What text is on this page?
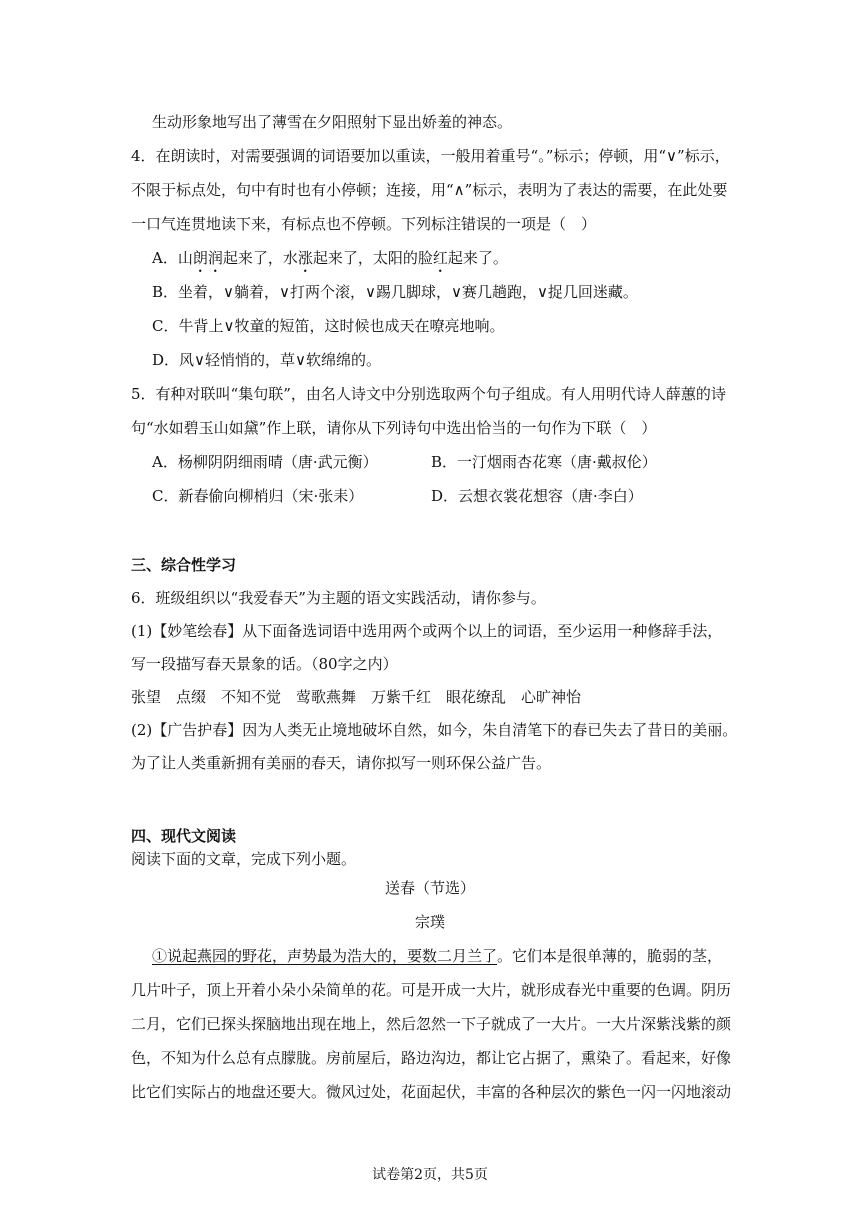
生动形象地写出了薄雪在夕阳照射下显出娇羞的神态。
4．在朗读时，对需要强调的词语要加以重读，一般用着重号“。”标示；停顿，用“∨”标示，
不限于标点处，句中有时也有小停顿；连接，用“∧”标示，表明为了表达的需要，在此处要
一口气连贯地读下来，有标点也不停顿。下列标注错误的一项是（　）
A．山朗润起来了，水涨起来了，太阳的脸红起来了。
B．坐着，∨躺着，∨打两个滚，∨踢几脚球，∨赛几趟跑，∨捉几回迷藏。
C．牛背上∨牧童的短笛，这时候也成天在嘹亮地响。
D．风∨轻悄悄的，草∨软绵绵的。
5．有种对联叫“集句联”，由名人诗文中分别选取两个句子组成。有人用明代诗人薛蕙的诗
句“水如碧玉山如黛”作上联，请你从下列诗句中选出恰当的一句作为下联（　）
A．杨柳阴阴细雨晴（唐·武元衡）	B．一汀烟雨杏花寒（唐·戴叔伦）
C．新春偷向柳梢归（宋·张耒）	D．云想衣裳花想容（唐·李白）
三、综合性学习
6．班级组织以“我爱春天”为主题的语文实践活动，请你参与。
(1)【妙笔绘春】从下面备选词语中选用两个或两个以上的词语，至少运用一种修辞手法，
写一段描写春天景象的话。（80字之内）
张望　点缀　不知不觉　莺歌燕舞　万紫千红　眼花缭乱　心旷神怡
(2)【广告护春】因为人类无止境地破坏自然，如今，朱自清笔下的春已失去了昔日的美丽。
为了让人类重新拥有美丽的春天，请你拟写一则环保公益广告。
四、现代文阅读
阅读下面的文章，完成下列小题。
送春（节选）
宗璞
①说起燕园的野花，声势最为浩大的，要数二月兰了。它们本是很单薄的，脆弱的茎，
几片叶子，顶上开着小朵小朵简单的花。可是开成一大片，就形成春光中重要的色调。阴历
二月，它们已探头探脑地出现在地上，然后忽然一下子就成了一大片。一大片深紫浅紫的颜
色，不知为什么总有点朦胧。房前屋后，路边沟边，都让它占据了，熏染了。看起来，好像
比它们实际占的地盘还要大。微风过处，花面起伏，丰富的各种层次的紫色一闪一闪地滚动
试卷第2页，共5页
